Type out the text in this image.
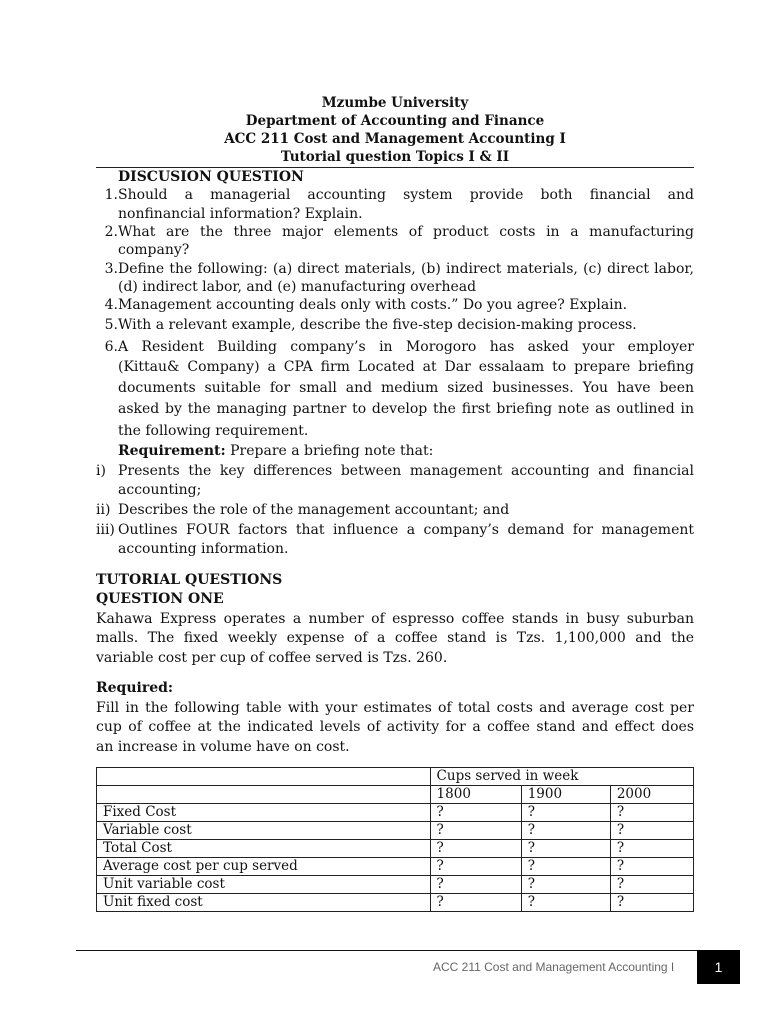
Mzumbe University
Department of Accounting and Finance
ACC 211 Cost and Management Accounting I
Tutorial question Topics I & II
DISCUSION QUESTION
1. Should a managerial accounting system provide both financial and
nonfinancial information? Explain.
2. What are the three major elements of product costs in a manufacturing
company?
3. Define the following: (a) direct materials, (b) indirect materials, (c) direct labor,
(d) indirect labor, and (e) manufacturing overhead
4. Management accounting deals only with costs.” Do you agree? Explain.
5. With a relevant example, describe the five-step decision-making process.
6. A Resident Building company’s in Morogoro has asked your employer
(Kittau& Company) a CPA firm Located at Dar essalaam to prepare briefing
documents suitable for small and medium sized businesses. You have been
asked by the managing partner to develop the first briefing note as outlined in
the following requirement.
Requirement: Prepare a briefing note that:
i) Presents the key differences between management accounting and financial
accounting;
ii) Describes the role of the management accountant; and
iii) Outlines FOUR factors that influence a company’s demand for management
accounting information.
TUTORIAL QUESTIONS
QUESTION ONE
Kahawa Express operates a number of espresso coffee stands in busy suburban
malls. The fixed weekly expense of a coffee stand is Tzs. 1,100,000 and the
variable cost per cup of coffee served is Tzs. 260.
Required:
Fill in the following table with your estimates of total costs and average cost per
cup of coffee at the indicated levels of activity for a coffee stand and effect does
an increase in volume have on cost.
	Cups served in week		
	1800	1900	2000
Fixed Cost	?	?	?
Variable cost	?	?	?
Total Cost	?	?	?
Average cost per cup served	?	?	?
Unit variable cost	?	?	?
Unit fixed cost	?	?	?
ACC 211 Cost and Management Accounting I	1
